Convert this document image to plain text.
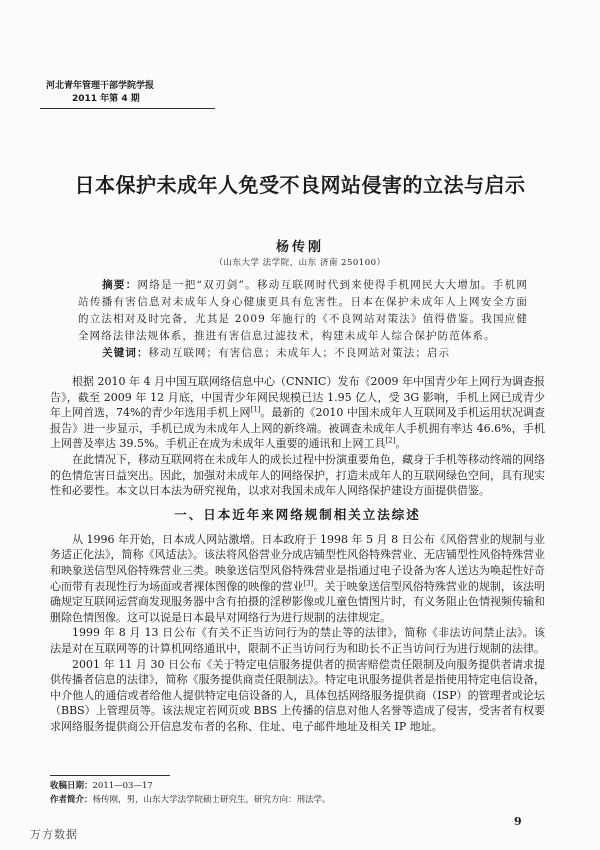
河北青年管理干部学院学报
2011 年第 4 期
日本保护未成年人免受不良网站侵害的立法与启示
杨传刚
（山东大学 法学院，山东 济南 250100）

摘要：网络是一把“双刃剑”。移动互联网时代到来使得手机网民大大增加。手机网站传播有害信息对未成年人身心健康更具有危害性。日本在保护未成年人上网安全方面的立法相对及时完备，尤其是 2009 年施行的《不良网站对策法》值得借鉴。我国应健全网络法律法规体系，推进有害信息过滤技术，构建未成年人综合保护防范体系。

关键词：移动互联网；有害信息；未成年人；不良网站对策法；启示

根据 2010 年 4 月中国互联网络信息中心（CNNIC）发布《2009 年中国青少年上网行为调查报告》，截至 2009 年 12 月底，中国青少年网民规模已达 1.95 亿人，受 3G 影响，手机上网已成青少年上网首选，74%的青少年选用手机上网[1]。最新的《2010 中国未成年人互联网及手机运用状况调查报告》进一步显示，手机已成为未成年人上网的新终端。被调查未成年人手机拥有率达 46.6%，手机上网普及率达 39.5%。手机正在成为未成年人重要的通讯和上网工具[2]。

在此情况下，移动互联网将在未成年人的成长过程中扮演重要角色，藏身于手机等移动终端的网络的色情危害日益突出。因此，加强对未成年人的网络保护，打造未成年人的互联网绿色空间，具有现实性和必要性。本文以日本法为研究视角，以求对我国未成年人网络保护建设方面提供借鉴。

一、日本近年来网络规制相关立法综述

从 1996 年开始，日本成人网站激增。日本政府于 1998 年 5 月 8 日公布《风俗营业的规制与业务适正化法》，简称《风适法》。该法将风俗营业分成店铺型性风俗特殊营业、无店铺型性风俗特殊营业和映象送信型风俗特殊营业三类。映象送信型风俗特殊营业是指通过电子设备为客人送达为唤起性好奇心而带有表现性行为场面或者裸体图像的映像的营业[3]。关于映象送信型风俗特殊营业的规制，该法明确规定互联网运营商发现服务器中含有拍摄的淫秽影像或儿童色情图片时，有义务阻止色情视频传输和删除色情图像。这可以说是日本最早对网络行为进行规制的法律规定。

1999 年 8 月 13 日公布《有关不正当访问行为的禁止等的法律》，简称《非法访问禁止法》。该法是对在互联网等的计算机网络通讯中，限制不正当访问行为和助长不正当访问行为进行规制的法律。

2001 年 11 月 30 日公布《关于特定电信服务提供者的损害赔偿责任限制及向服务提供者请求提供传播者信息的法律》，简称《服务提供商责任限制法》。特定电讯服务提供者是指使用特定电信设备，中介他人的通信或者给他人提供特定电信设备的人，具体包括网络服务提供商（ISP）的管理者或论坛（BBS）上管理员等。该法规定若网页或 BBS 上传播的信息对他人名誉等造成了侵害，受害者有权要求网络服务提供商公开信息发布者的名称、住址、电子邮件地址及相关 IP 地址。

收稿日期：2011—03—17
作者简介：杨传刚，男，山东大学法学院硕士研究生，研究方向：刑法学。
9
万方数据
